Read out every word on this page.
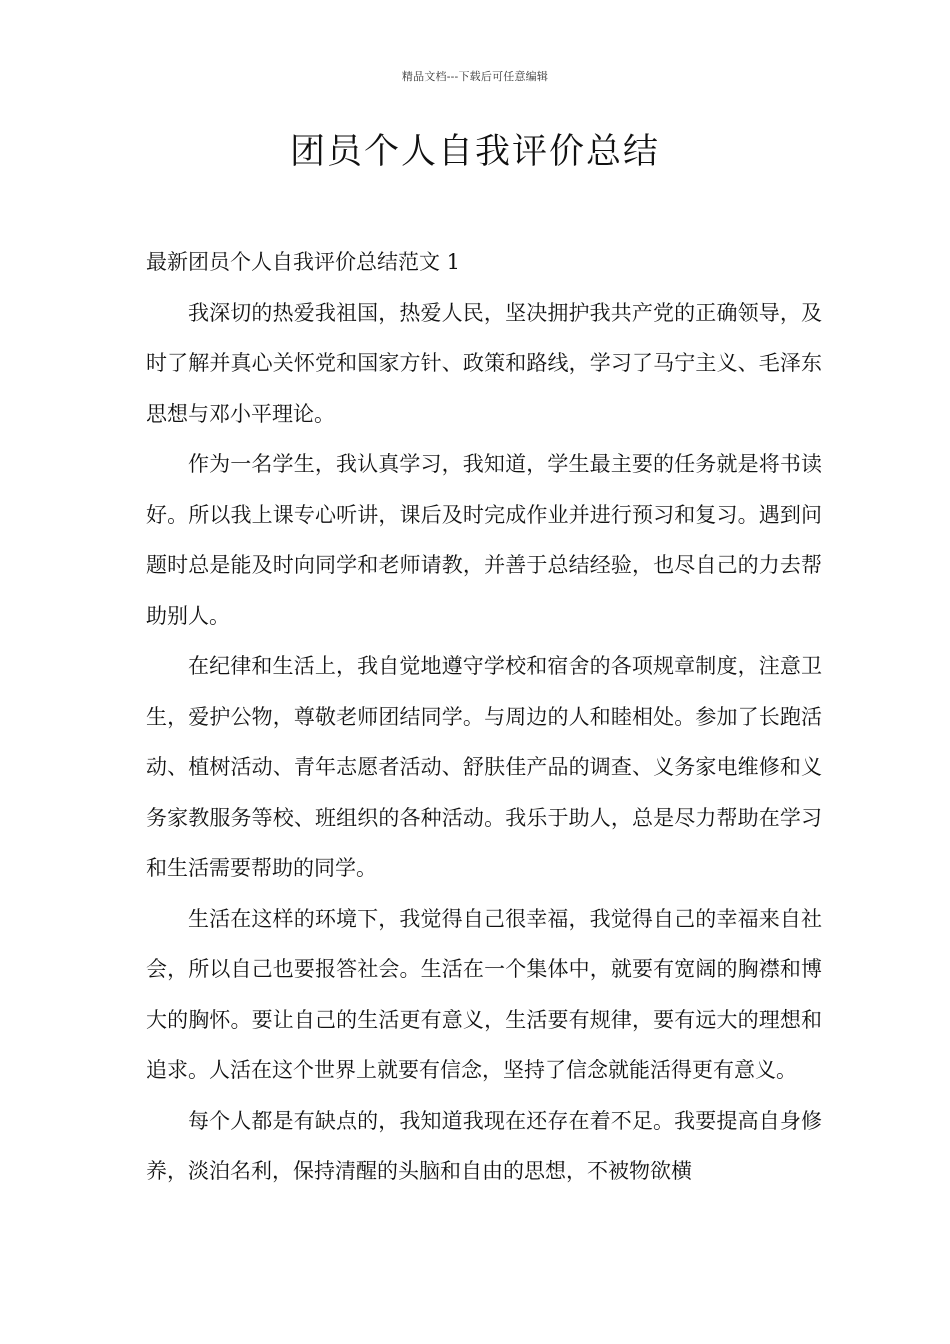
精品文档---下载后可任意编辑
团员个人自我评价总结

最新团员个人自我评价总结范文 1

我深切的热爱我祖国，热爱人民，坚决拥护我共产党的正确领导，及时了解并真心关怀党和国家方针、政策和路线，学习了马宁主义、毛泽东思想与邓小平理论。

作为一名学生，我认真学习，我知道，学生最主要的任务就是将书读好。所以我上课专心听讲，课后及时完成作业并进行预习和复习。遇到问题时总是能及时向同学和老师请教，并善于总结经验，也尽自己的力去帮助别人。

在纪律和生活上，我自觉地遵守学校和宿舍的各项规章制度，注意卫生，爱护公物，尊敬老师团结同学。与周边的人和睦相处。参加了长跑活动、植树活动、青年志愿者活动、舒肤佳产品的调查、义务家电维修和义务家教服务等校、班组织的各种活动。我乐于助人，总是尽力帮助在学习和生活需要帮助的同学。

生活在这样的环境下，我觉得自己很幸福，我觉得自己的幸福来自社会，所以自己也要报答社会。生活在一个集体中，就要有宽阔的胸襟和博大的胸怀。要让自己的生活更有意义，生活要有规律，要有远大的理想和追求。人活在这个世界上就要有信念，坚持了信念就能活得更有意义。

每个人都是有缺点的，我知道我现在还存在着不足。我要提高自身修养，淡泊名利，保持清醒的头脑和自由的思想，不被物欲横
